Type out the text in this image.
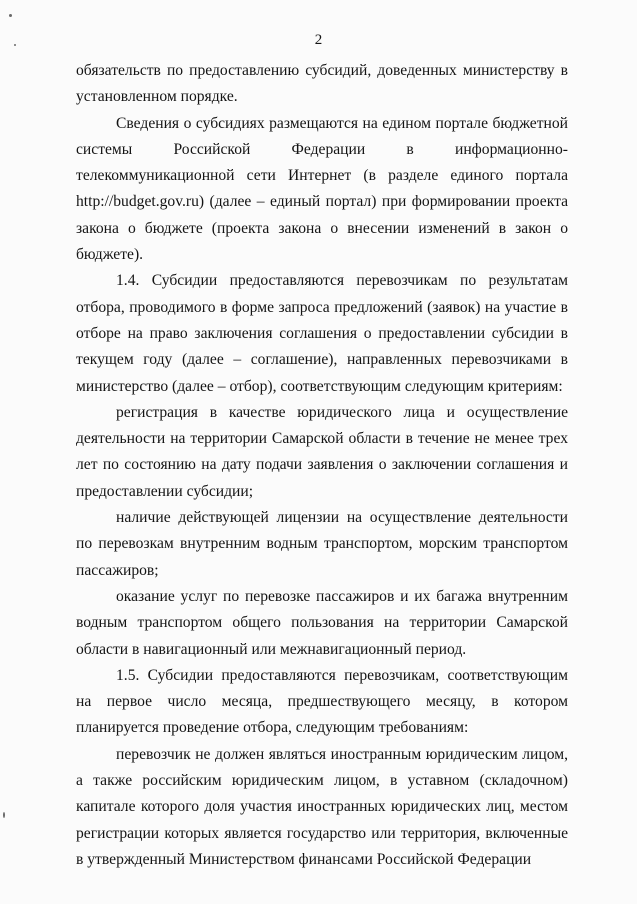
2

обязательств по предоставлению субсидий, доведенных министерству в установленном порядке.

Сведения о субсидиях размещаются на едином портале бюджетной системы Российской Федерации в информационно-телекоммуникационной сети Интернет (в разделе единого портала http://budget.gov.ru) (далее – единый портал) при формировании проекта закона о бюджете (проекта закона о внесении изменений в закон о бюджете).

1.4. Субсидии предоставляются перевозчикам по результатам отбора, проводимого в форме запроса предложений (заявок) на участие в отборе на право заключения соглашения о предоставлении субсидии в текущем году (далее – соглашение), направленных перевозчиками в министерство (далее – отбор), соответствующим следующим критериям:

регистрация в качестве юридического лица и осуществление деятельности на территории Самарской области в течение не менее трех лет по состоянию на дату подачи заявления о заключении соглашения и предоставлении субсидии;

наличие действующей лицензии на осуществление деятельности по перевозкам внутренним водным транспортом, морским транспортом пассажиров;

оказание услуг по перевозке пассажиров и их багажа внутренним водным транспортом общего пользования на территории Самарской области в навигационный или межнавигационный период.

1.5. Субсидии предоставляются перевозчикам, соответствующим на первое число месяца, предшествующего месяцу, в котором планируется проведение отбора, следующим требованиям:

перевозчик не должен являться иностранным юридическим лицом, а также российским юридическим лицом, в уставном (складочном) капитале которого доля участия иностранных юридических лиц, местом регистрации которых является государство или территория, включенные в утвержденный Министерством финансами Российской Федерации
